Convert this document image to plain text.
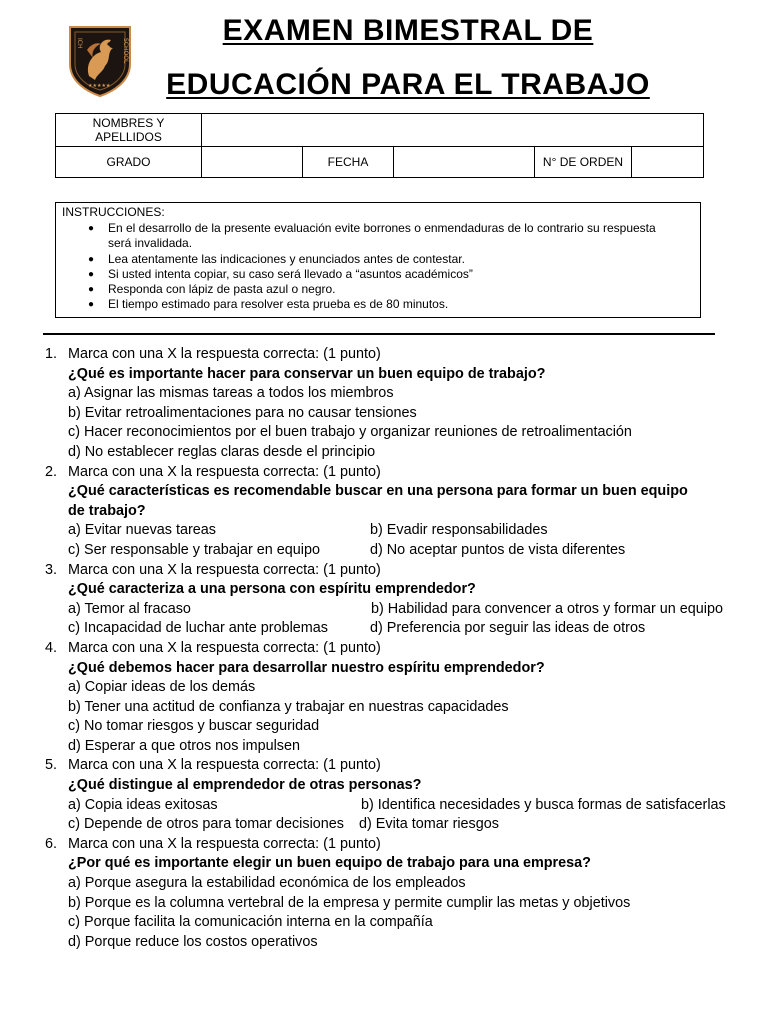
★★★★★
SCHOOL
ICH	EXAMEN BIMESTRAL DE
EDUCACIÓN PARA EL TRABAJO
NOMBRES Y
APELLIDOS					
GRADO		FECHA		N° DE ORDEN	
INSTRUCCIONES:
● En el desarrollo de la presente evaluación evite borrones o enmendaduras de lo contrario su respuesta será invalidada.
● Lea atentamente las indicaciones y enunciados antes de contestar.
● Si usted intenta copiar, su caso será llevado a “asuntos académicos”
● Responda con lápiz de pasta azul o negro.
● El tiempo estimado para resolver esta prueba es de 80 minutos.
1. Marca con una X la respuesta correcta: (1 punto)
¿Qué es importante hacer para conservar un buen equipo de trabajo?
a) Asignar las mismas tareas a todos los miembros
b) Evitar retroalimentaciones para no causar tensiones
c) Hacer reconocimientos por el buen trabajo y organizar reuniones de retroalimentación
d) No establecer reglas claras desde el principio
2. Marca con una X la respuesta correcta: (1 punto)
¿Qué características es recomendable buscar en una persona para formar un buen equipo de trabajo?
a) Evitar nuevas tareas	b) Evadir responsabilidades
c) Ser responsable y trabajar en equipo	d) No aceptar puntos de vista diferentes
3. Marca con una X la respuesta correcta: (1 punto)
¿Qué caracteriza a una persona con espíritu emprendedor?
a) Temor al fracaso	b) Habilidad para convencer a otros y formar un equipo
c) Incapacidad de luchar ante problemas	d) Preferencia por seguir las ideas de otros
4. Marca con una X la respuesta correcta: (1 punto)
¿Qué debemos hacer para desarrollar nuestro espíritu emprendedor?
a) Copiar ideas de los demás
b) Tener una actitud de confianza y trabajar en nuestras capacidades
c) No tomar riesgos y buscar seguridad
d) Esperar a que otros nos impulsen
5. Marca con una X la respuesta correcta: (1 punto)
¿Qué distingue al emprendedor de otras personas?
a) Copia ideas exitosas	b) Identifica necesidades y busca formas de satisfacerlas
c) Depende de otros para tomar decisiones	d) Evita tomar riesgos
6. Marca con una X la respuesta correcta: (1 punto)
¿Por qué es importante elegir un buen equipo de trabajo para una empresa?
a) Porque asegura la estabilidad económica de los empleados
b) Porque es la columna vertebral de la empresa y permite cumplir las metas y objetivos
c) Porque facilita la comunicación interna en la compañía
d) Porque reduce los costos operativos
